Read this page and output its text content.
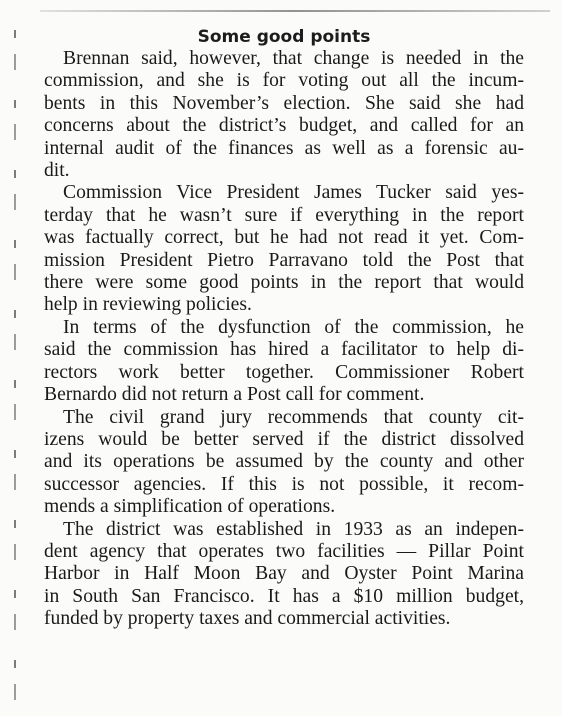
Some good points

Brennan said, however, that change is needed in the
commission, and she is for voting out all the incum-
bents in this November’s election. She said she had
concerns about the district’s budget, and called for an
internal audit of the finances as well as a forensic au-
dit.

Commission Vice President James Tucker said yes-
terday that he wasn’t sure if everything in the report
was factually correct, but he had not read it yet. Com-
mission President Pietro Parravano told the Post that
there were some good points in the report that would
help in reviewing policies.

In terms of the dysfunction of the commission, he
said the commission has hired a facilitator to help di-
rectors work better together. Commissioner Robert
Bernardo did not return a Post call for comment.

The civil grand jury recommends that county cit-
izens would be better served if the district dissolved
and its operations be assumed by the county and other
successor agencies. If this is not possible, it recom-
mends a simplification of operations.

The district was established in 1933 as an indepen-
dent agency that operates two facilities — Pillar Point
Harbor in Half Moon Bay and Oyster Point Marina
in South San Francisco. It has a $10 million budget,
funded by property taxes and commercial activities.
